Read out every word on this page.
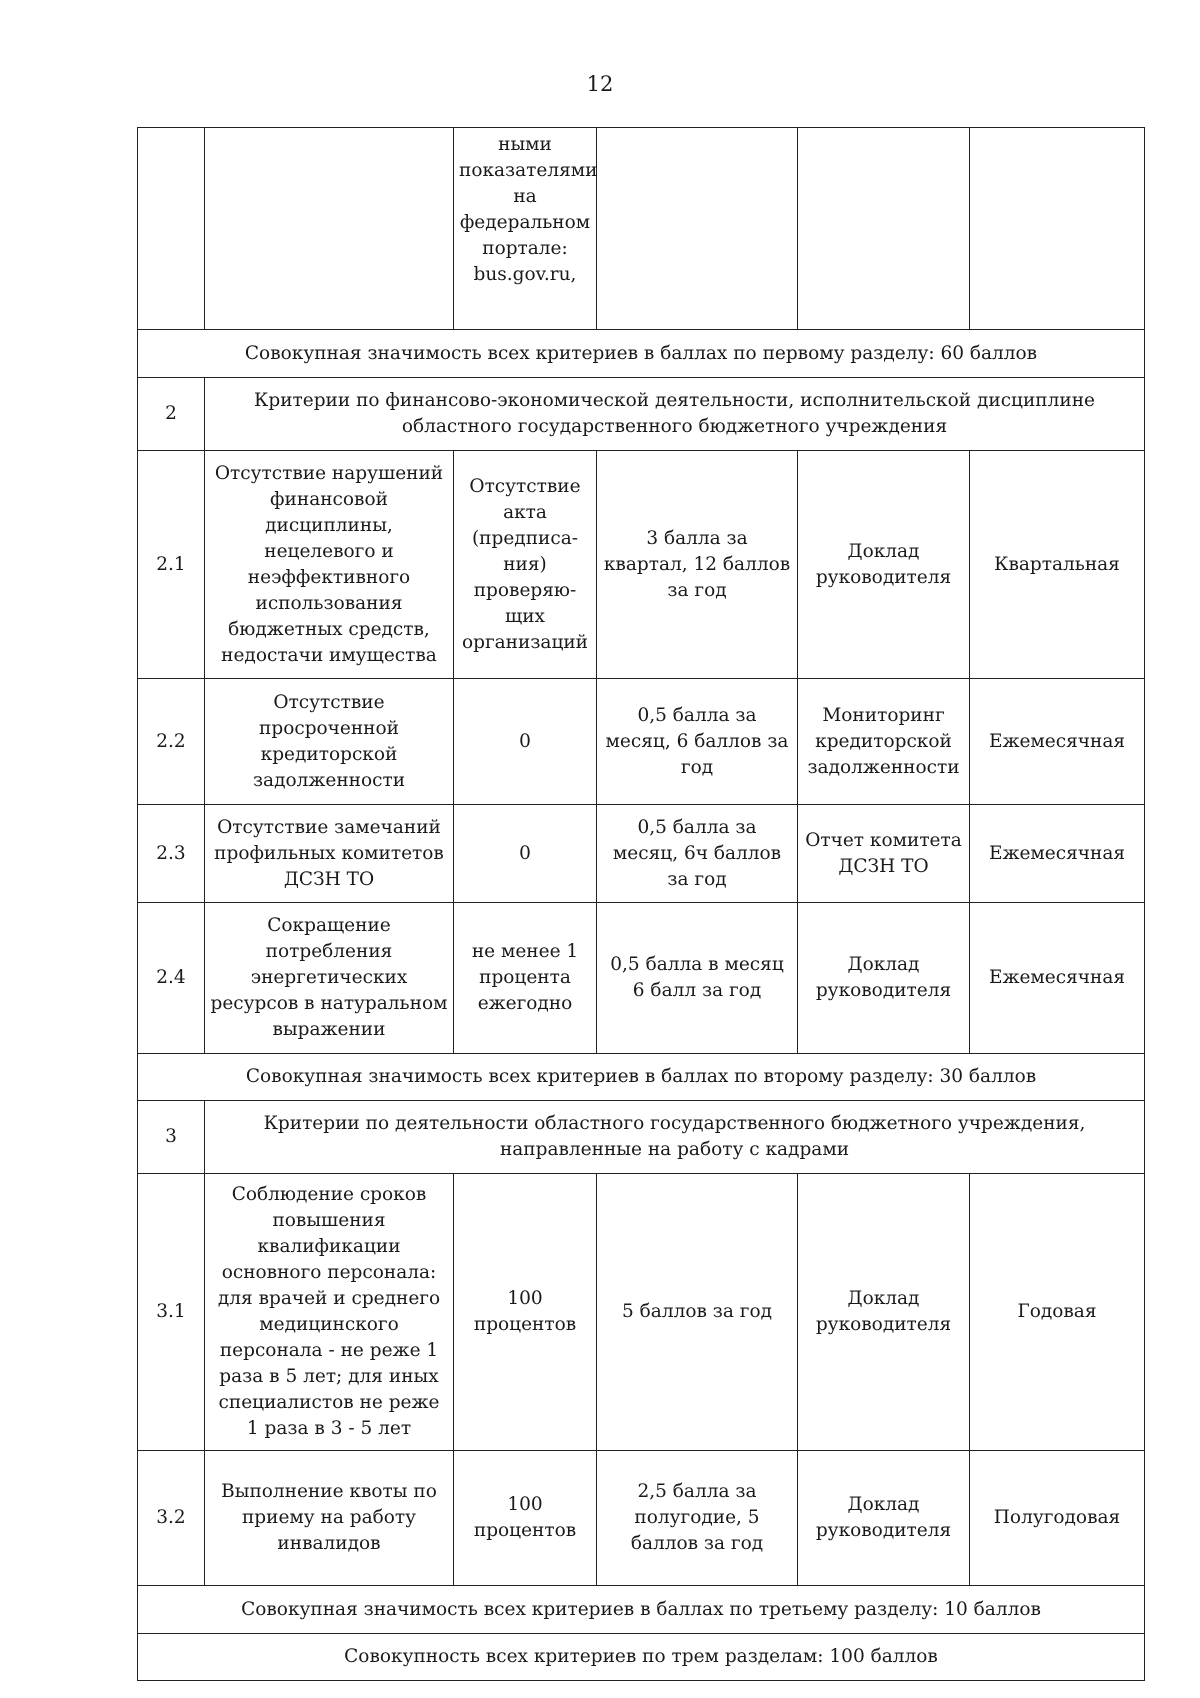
12
		ными показателями на федеральном портале: bus.gov.ru,			
Совокупная значимость всех критериев в баллах по первому разделу: 60 баллов					
2	Критерии по финансово-экономической деятельности, исполнительской дисциплине областного государственного бюджетного учреждения				
2.1	Отсутствие нарушений финансовой дисциплины, нецелевого и неэффективного использования бюджетных средств, недостачи имущества	Отсутствие акта (предписа-ния) проверяю-щих организаций	3 балла за квартал, 12 баллов за год	Доклад руководителя	Квартальная
2.2	Отсутствие просроченной кредиторской задолженности	0	0,5 балла за месяц, 6 баллов за год	Мониторинг кредиторской задолженности	Ежемесячная
2.3	Отсутствие замечаний профильных комитетов ДСЗН ТО	0	0,5 балла за месяц, 6ч баллов за год	Отчет комитета ДСЗН ТО	Ежемесячная
2.4	Сокращение потребления энергетических ресурсов в натуральном выражении	не менее 1 процента ежегодно	0,5 балла в месяц 6 балл за год	Доклад руководителя	Ежемесячная
Совокупная значимость всех критериев в баллах по второму разделу: 30 баллов					
3	Критерии по деятельности областного государственного бюджетного учреждения, направленные на работу с кадрами				
3.1	Соблюдение сроков повышения квалификации основного персонала: для врачей и среднего медицинского персонала - не реже 1 раза в 5 лет; для иных специалистов не реже 1 раза в 3 - 5 лет	100 процентов	5 баллов за год	Доклад руководителя	Годовая
3.2	Выполнение квоты по приему на работу инвалидов	100 процентов	2,5 балла за полугодие, 5 баллов за год	Доклад руководителя	Полугодовая
Совокупная значимость всех критериев в баллах по третьему разделу: 10 баллов					
Совокупность всех критериев по трем разделам: 100 баллов					
